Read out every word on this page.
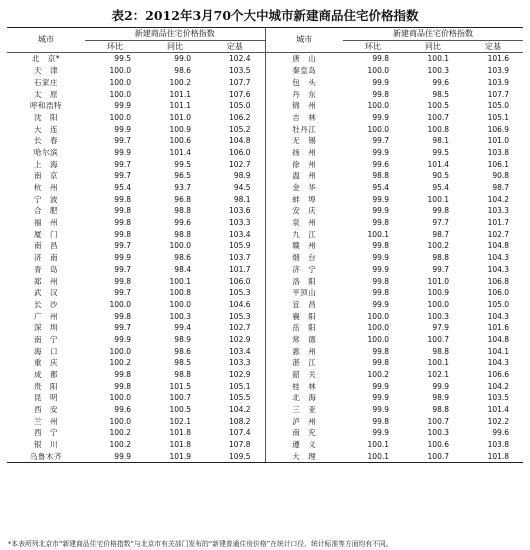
表2：2012年3月70个大中城市新建商品住宅价格指数
城市	新建商品住宅价格指数			城市	新建商品住宅价格指数		
	环比	同比	定基		环比	同比	定基
北　京*	99.5	99.0	102.4	唐　山	99.8	100.1	101.6
天　津	100.0	98.6	103.5	秦皇岛	100.0	100.3	103.9
石家庄	100.0	100.2	107.7	包　头	99.9	99.6	103.9
太　原	100.0	101.1	107.6	丹　东	99.8	98.5	107.7
呼和浩特	99.9	101.1	105.0	锦　州	100.0	100.5	105.0
沈　阳	100.0	101.0	106.2	吉　林	99.9	100.7	105.1
大　连	99.9	100.9	105.2	牡丹江	100.0	100.8	106.9
长　春	99.7	100.6	104.8	无　锡	99.7	98.1	101.0
哈尔滨	99.9	101.4	106.0	扬　州	99.9	99.5	103.8
上　海	99.7	99.5	102.7	徐　州	99.6	101.4	106.1
南　京	99.7	96.5	98.9	温　州	98.8	90.5	90.8
杭　州	95.4	93.7	94.5	金　华	95.4	95.4	98.7
宁　波	99.8	96.8	98.1	蚌　埠	99.9	100.1	104.2
合　肥	99.8	98.8	103.6	安　庆	99.9	99.8	103.3
福　州	99.8	99.6	103.3	泉　州	99.8	97.7	101.7
厦　门	99.8	98.8	103.4	九　江	100.1	98.7	102.7
南　昌	99.7	100.0	105.9	赣　州	99.8	100.2	104.8
济　南	99.9	98.6	103.7	烟　台	99.9	98.8	104.3
青　岛	99.7	98.4	101.7	济　宁	99.9	99.7	104.3
郑　州	99.8	100.1	106.0	洛　阳	99.8	101.0	106.8
武　汉	99.7	100.8	105.3	平顶山	99.8	100.9	106.0
长　沙	100.0	100.0	104.6	宜　昌	99.9	100.0	105.0
广　州	99.8	100.3	105.3	襄　阳	100.0	100.3	104.3
深　圳	99.7	99.4	102.7	岳　阳	100.0	97.9	101.6
南　宁	99.9	98.9	102.9	常　德	100.0	100.7	104.8
海　口	100.0	98.6	103.4	惠　州	99.8	98.8	104.1
重　庆	100.2	98.5	103.3	湛　江	99.8	100.1	104.3
成　都	99.8	98.8	102.9	韶　关	100.2	102.1	106.6
贵　阳	99.8	101.5	105.1	桂　林	99.9	99.9	104.2
昆　明	100.0	100.7	105.5	北　海	99.9	98.9	103.5
西　安	99.6	100.5	104.2	三　亚	99.9	98.8	101.4
兰　州	100.0	102.1	108.2	泸　州	99.8	100.7	102.2
西　宁	100.2	101.8	107.4	南　充	99.9	100.3	99.6
银　川	100.2	101.8	107.8	遵　义	100.1	100.6	103.8
乌鲁木齐	99.9	101.9	109.5	大　理	100.1	100.7	101.8
*本表所列北京市“新建商品住宅价格指数”与北京市有关部门发布的“新建普通住房价格”在统计口径、统计标准等方面均有不同。
